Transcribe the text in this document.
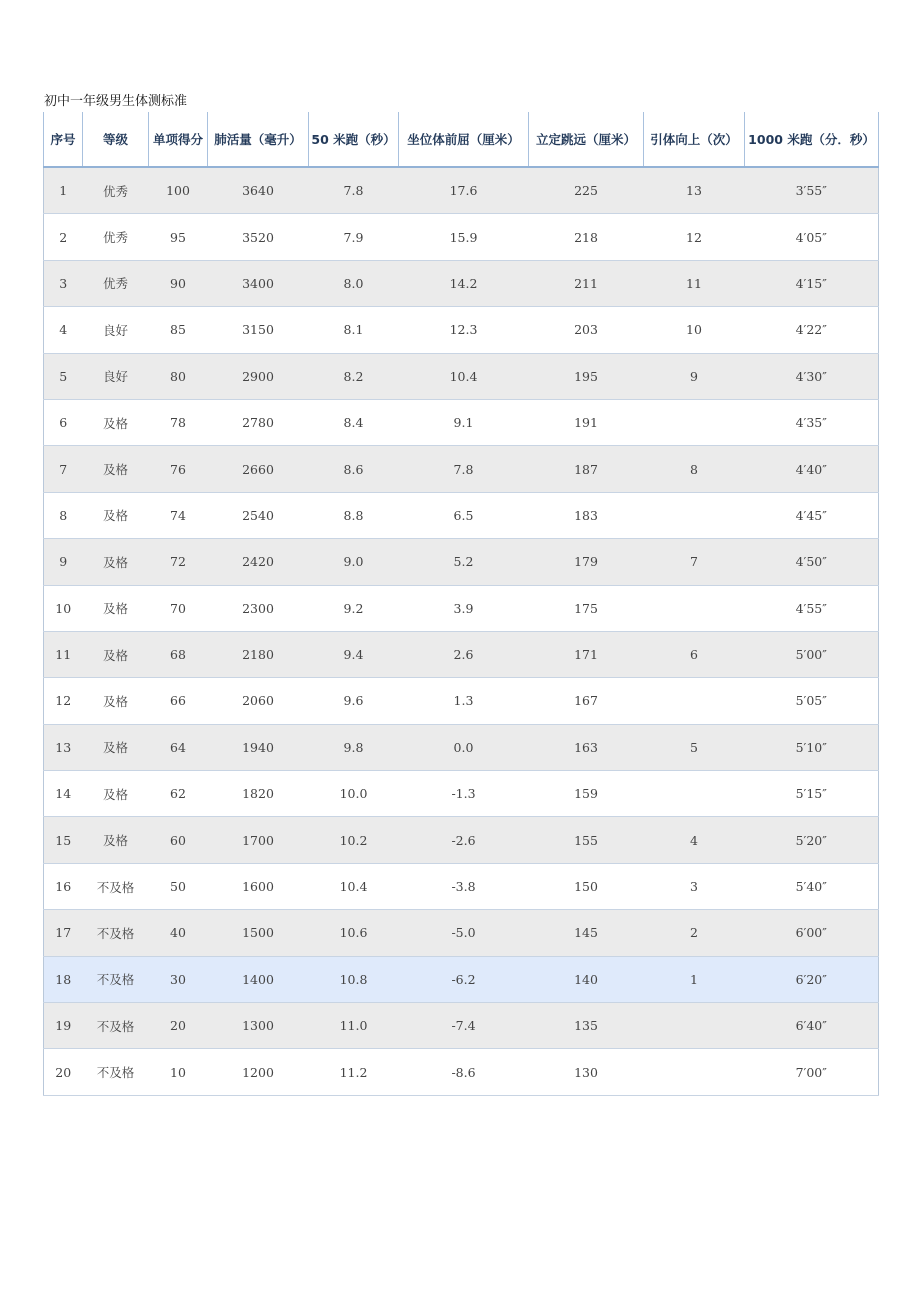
初中一年级男生体测标准
序号	等级	单项得分	肺活量（毫升）	50 米跑（秒）	坐位体前屈（厘米）	立定跳远（厘米）	引体向上（次）	1000 米跑（分．秒）
1	优秀	100	3640	7.8	17.6	225	13	3′55″
2	优秀	95	3520	7.9	15.9	218	12	4′05″
3	优秀	90	3400	8.0	14.2	211	11	4′15″
4	良好	85	3150	8.1	12.3	203	10	4′22″
5	良好	80	2900	8.2	10.4	195	9	4′30″
6	及格	78	2780	8.4	9.1	191		4′35″
7	及格	76	2660	8.6	7.8	187	8	4′40″
8	及格	74	2540	8.8	6.5	183		4′45″
9	及格	72	2420	9.0	5.2	179	7	4′50″
10	及格	70	2300	9.2	3.9	175		4′55″
11	及格	68	2180	9.4	2.6	171	6	5′00″
12	及格	66	2060	9.6	1.3	167		5′05″
13	及格	64	1940	9.8	0.0	163	5	5′10″
14	及格	62	1820	10.0	-1.3	159		5′15″
15	及格	60	1700	10.2	-2.6	155	4	5′20″
16	不及格	50	1600	10.4	-3.8	150	3	5′40″
17	不及格	40	1500	10.6	-5.0	145	2	6′00″
18	不及格	30	1400	10.8	-6.2	140	1	6′20″
19	不及格	20	1300	11.0	-7.4	135		6′40″
20	不及格	10	1200	11.2	-8.6	130		7′00″
